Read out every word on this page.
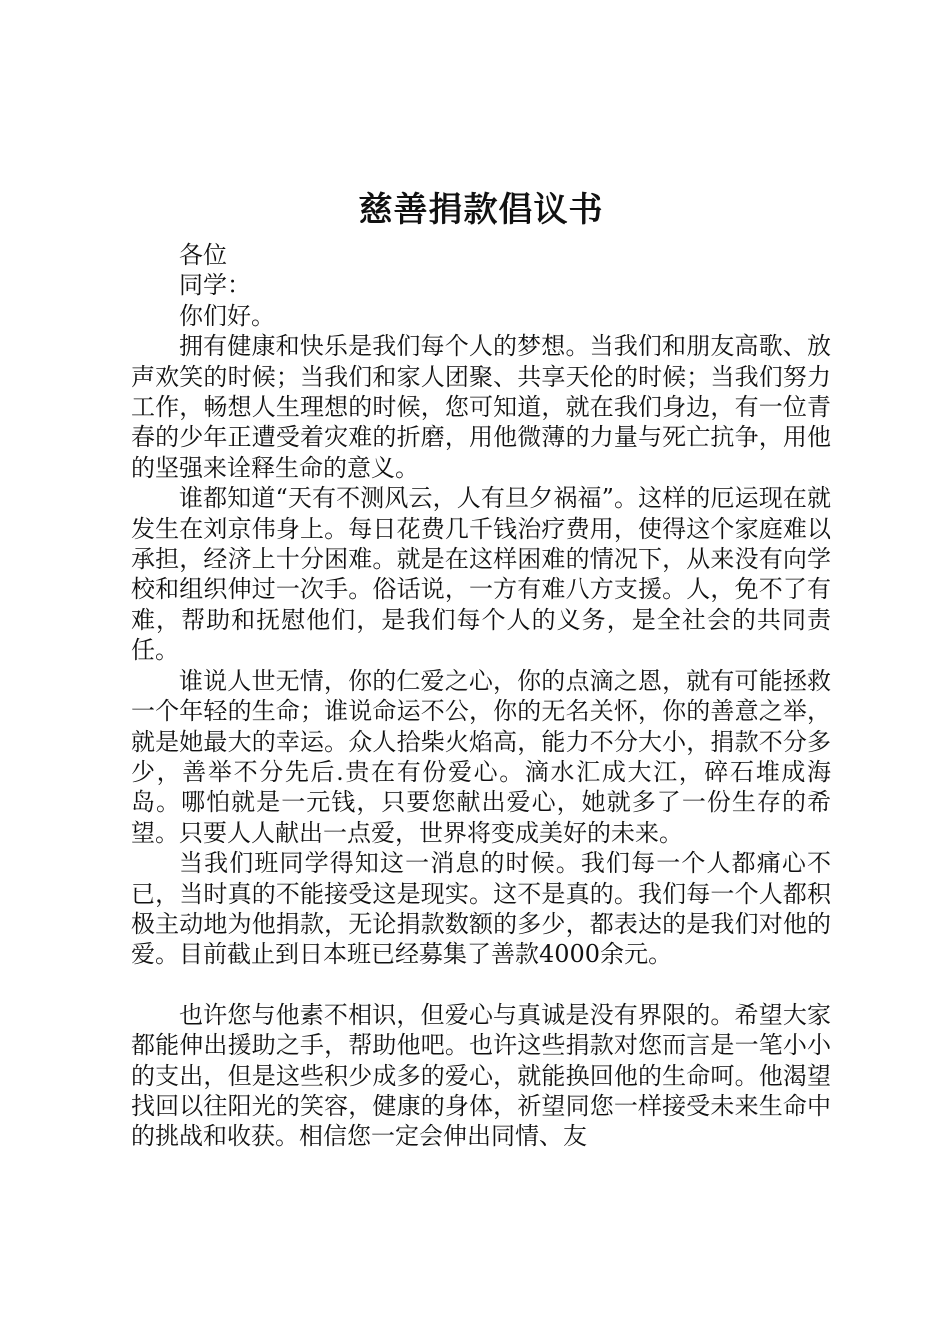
慈善捐款倡议书

各位

同学：

你们好。

拥有健康和快乐是我们每个人的梦想。当我们和朋友高歌、放声欢笑的时候；当我们和家人团聚、共享天伦的时候；当我们努力工作，畅想人生理想的时候，您可知道，就在我们身边，有一位青春的少年正遭受着灾难的折磨，用他微薄的力量与死亡抗争，用他的坚强来诠释生命的意义。

谁都知道“天有不测风云，人有旦夕祸福”。这样的厄运现在就发生在刘京伟身上。每日花费几千钱治疗费用，使得这个家庭难以承担，经济上十分困难。就是在这样困难的情况下，从来没有向学校和组织伸过一次手。俗话说，一方有难八方支援。人，免不了有难，帮助和抚慰他们，是我们每个人的义务，是全社会的共同责任。

谁说人世无情，你的仁爱之心，你的点滴之恩，就有可能拯救一个年轻的生命；谁说命运不公，你的无名关怀，你的善意之举，就是她最大的幸运。众人拾柴火焰高，能力不分大小，捐款不分多少，善举不分先后.贵在有份爱心。滴水汇成大江，碎石堆成海岛。哪怕就是一元钱，只要您献出爱心，她就多了一份生存的希望。只要人人献出一点爱，世界将变成美好的未来。

当我们班同学得知这一消息的时候。我们每一个人都痛心不已，当时真的不能接受这是现实。这不是真的。我们每一个人都积极主动地为他捐款，无论捐款数额的多少，都表达的是我们对他的爱。目前截止到日本班已经募集了善款4000余元。

也许您与他素不相识，但爱心与真诚是没有界限的。希望大家都能伸出援助之手，帮助他吧。也许这些捐款对您而言是一笔小小的支出，但是这些积少成多的爱心，就能换回他的生命呵。他渴望找回以往阳光的笑容，健康的身体，祈望同您一样接受未来生命中的挑战和收获。相信您一定会伸出同情、友
